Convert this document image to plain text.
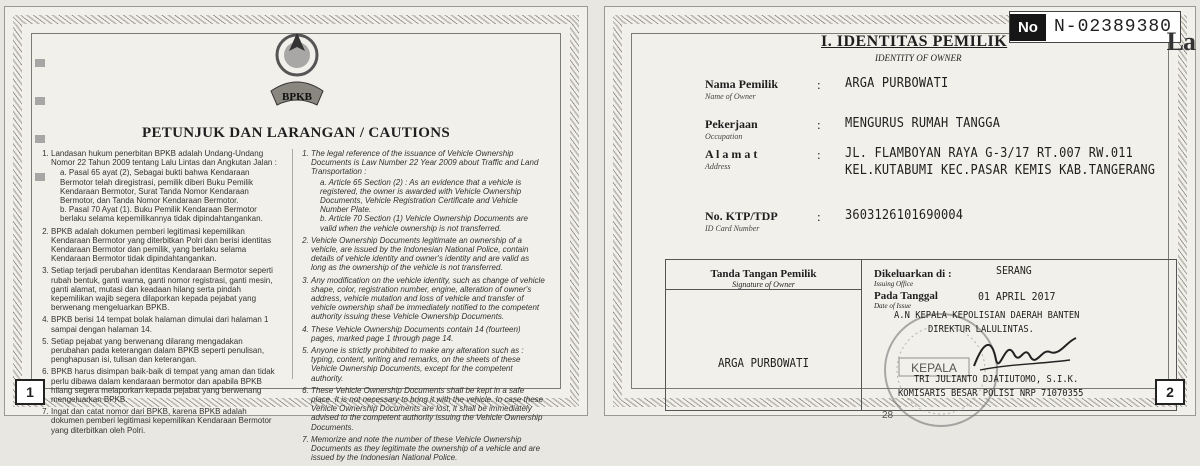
BPKB
PETUNJUK DAN LARANGAN / CAUTIONS
1. Landasan hukum penerbitan BPKB adalah Undang-Undang Nomor 22 Tahun 2009 tentang Lalu Lintas dan Angkutan Jalan :
a. Pasal 65 ayat (2), Sebagai bukti bahwa Kendaraan Bermotor telah diregistrasi, pemilik diberi Buku Pemilik Kendaraan Bermotor, Surat Tanda Nomor Kendaraan Bermotor, dan Tanda Nomor Kendaraan Bermotor.
b. Pasal 70 Ayat (1). Buku Pemilik Kendaraan Bermotor berlaku selama kepemilikannya tidak dipindahtangankan.
2. BPKB adalah dokumen pemberi legitimasi kepemilikan Kendaraan Bermotor yang diterbitkan Polri dan berisi identitas Kendaraan Bermotor dan pemilik, yang berlaku selama Kendaraan Bermotor tidak dipindahtangankan.
3. Setiap terjadi perubahan identitas Kendaraan Bermotor seperti rubah bentuk, ganti warna, ganti nomor registrasi, ganti mesin, ganti alamat, mutasi dan keadaan hilang serta pindah kepemilikan wajib segera dilaporkan kepada pejabat yang berwenang mengeluarkan BPKB.
4. BPKB berisi 14 tempat bolak halaman dimulai dari halaman 1 sampai dengan halaman 14.
5. Setiap pejabat yang berwenang dilarang mengadakan perubahan pada keterangan dalam BPKB seperti penulisan, penghapusan isi, tulisan dan keterangan.
6. BPKB harus disimpan baik-baik di tempat yang aman dan tidak perlu dibawa dalam kendaraan bermotor dan apabila BPKB hilang segera melaporkan kepada pejabat yang berwenang mengeluarkan BPKB.
7. Ingat dan catat nomor dari BPKB, karena BPKB adalah dokumen pemberi legitimasi kepemilikan Kendaraan Bermotor yang diterbitkan oleh Polri.
1. The legal reference of the issuance of Vehicle Ownership Documents is Law Number 22 Year 2009 about Traffic and Land Transportation :
a. Article 65 Section (2) : As an evidence that a vehicle is registered, the owner is awarded with Vehicle Ownership Documents, Vehicle Registration Certificate and Vehicle Number Plate.
b. Article 70 Section (1) Vehicle Ownership Documents are valid when the vehicle ownership is not transferred.
2. Vehicle Ownership Documents legitimate an ownership of a vehicle, are issued by the Indonesian National Police, contain details of vehicle identity and owner's identity and are valid as long as the ownership of the vehicle is not transferred.
3. Any modification on the vehicle identity, such as change of vehicle shape, color, registration number, engine, alteration of owner's address, vehicle mutation and loss of vehicle and transfer of vehicle ownership shall be immediately notified to the competent authority issuing these Vehicle Ownership Documents.
4. These Vehicle Ownership Documents contain 14 (fourteen) pages, marked page 1 through page 14.
5. Anyone is strictly prohibited to make any alteration such as : typing, content, writing and remarks, on the sheets of these Vehicle Ownership Documents, except for the competent authority.
6. These Vehicle Ownership Documents shall be kept in a safe place. It is not necessary to bring it with the vehicle. In case these Vehicle Ownership Documents are lost, it shall be immediately advised to the competent authority issuing the Vehicle Ownership Documents.
7. Memorize and note the number of these Vehicle Ownership Documents as they legitimate the ownership of a vehicle and are issued by the Indonesian National Police.
1
No N-02389380
La
I. IDENTITAS PEMILIK
IDENTITY OF OWNER
Nama Pemilik
Name of Owner
: ARGA PURBOWATI
Pekerjaan
Occupation
: MENGURUS RUMAH TANGGA
A l a m a t
Address
: JL. FLAMBOYAN RAYA G-3/17 RT.007 RW.011
KEL.KUTABUMI KEC.PASAR KEMIS KAB.TANGERANG
No. KTP/TDP
ID Card Number
: 3603126101690004
Tanda Tangan Pemilik
Signature of Owner
ARGA PURBOWATI
Dikeluarkan di :
Issuing Office
SERANG
Pada Tanggal
Date of Issue
01 APRIL 2017
KEPALA
A.N KEPALA KEPOLISIAN DAERAH BANTEN
DIREKTUR LALULINTAS.
TRI JULIANTO DJATIUTOMO, S.I.K.
KOMISARIS BESAR POLISI NRP 71070355	2
28
